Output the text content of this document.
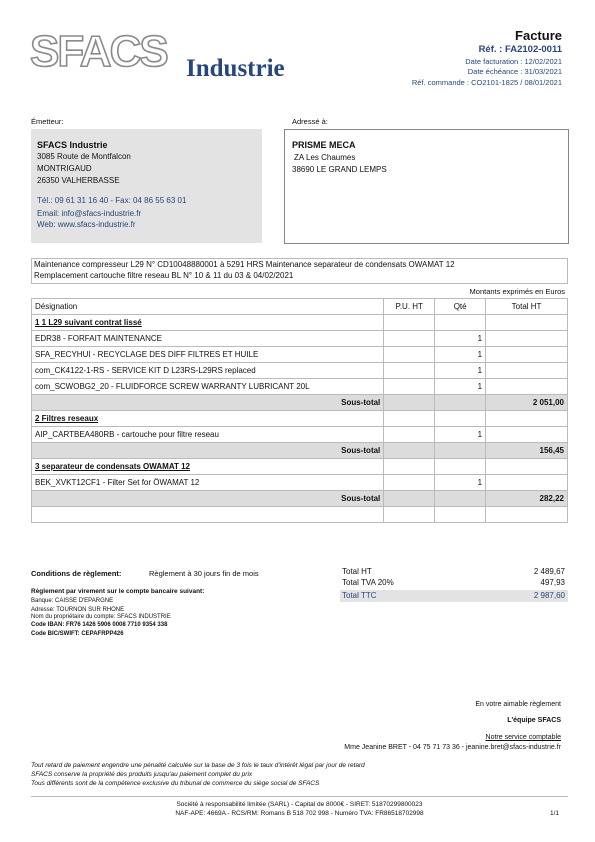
SFACS Industrie
Facture
Réf. : FA2102-0011
Date facturation : 12/02/2021
Date échéance : 31/03/2021
Réf. commande : CO2101-1825 / 08/01/2021
Émetteur:	Adressé à:
SFACS Industrie
3085 Route de Montfalcon
MONTRIGAUD
26350 VALHERBASSE
Tél.: 09 61 31 16 40 - Fax: 04 86 55 63 01
Email: info@sfacs-industrie.fr
Web: www.sfacs-industrie.fr
PRISME MECA
ZA Les Chaumes
38690 LE GRAND LEMPS
Maintenance compresseur L29 N° CD10048880001 à 5291 HRS Maintenance separateur de condensats OWAMAT 12
Remplacement cartouche filtre reseau BL N° 10 & 11 du 03 & 04/02/2021
Montants exprimés en Euros
Désignation	P.U. HT	Qté	Total HT
1 1 L29 suivant contrat lissé			
EDR38 - FORFAIT MAINTENANCE		1	
SFA_RECYHUI - RECYCLAGE DES DIFF FILTRES ET HUILE		1	
com_CK4122-1-RS - SERVICE KIT D L23RS-L29RS replaced		1	
com_SCWOBG2_20 - FLUIDFORCE SCREW WARRANTY LUBRICANT 20L		1	
Sous-total			2 051,00
2 Filtres reseaux			
AIP_CARTBEA480RB - cartouche pour filtre reseau		1	
Sous-total			156,45
3 separateur de condensats OWAMAT 12			
BEK_XVKT12CF1 - Filter Set for ÖWAMAT 12		1	
Sous-total			282,22

Conditions de règlement:	Règlement à 30 jours fin de mois
Règlement par virement sur le compte bancaire suivant:
Banque: CAISSE D'EPARGNE
Adresse: TOURNON SUR RHONE
Nom du propriétaire du compte: SFACS INDUSTRIE
Code IBAN: FR76 1426 5906 0008 7710 9354 338
Code BIC/SWIFT: CEPAFRPP426
Total HT	2 489,67
Total TVA 20%	497,93
Total TTC	2 987,60
En votre aimable règlement
L'équipe SFACS
Notre service comptable
Mme Jeanine BRET - 04 75 71 73 36 - jeanine.bret@sfacs-industrie.fr
Tout retard de paiement engendre une pénalité calculée sur la base de 3 fois le taux d'intérêt légal par jour de retard
SFACS conserve la propriété des produits jusqu'au paiement complet du prix
Tous différents sont de la compétence exclusive du tribunal de commerce du siège social de SFACS
Société à responsabilité limitée (SARL) - Capital de 8000€ - SIRET: 51870299800023
NAF-APE: 4669A - RCS/RM: Romans B 518 702 998 - Numéro TVA: FR86518702998	1/1
